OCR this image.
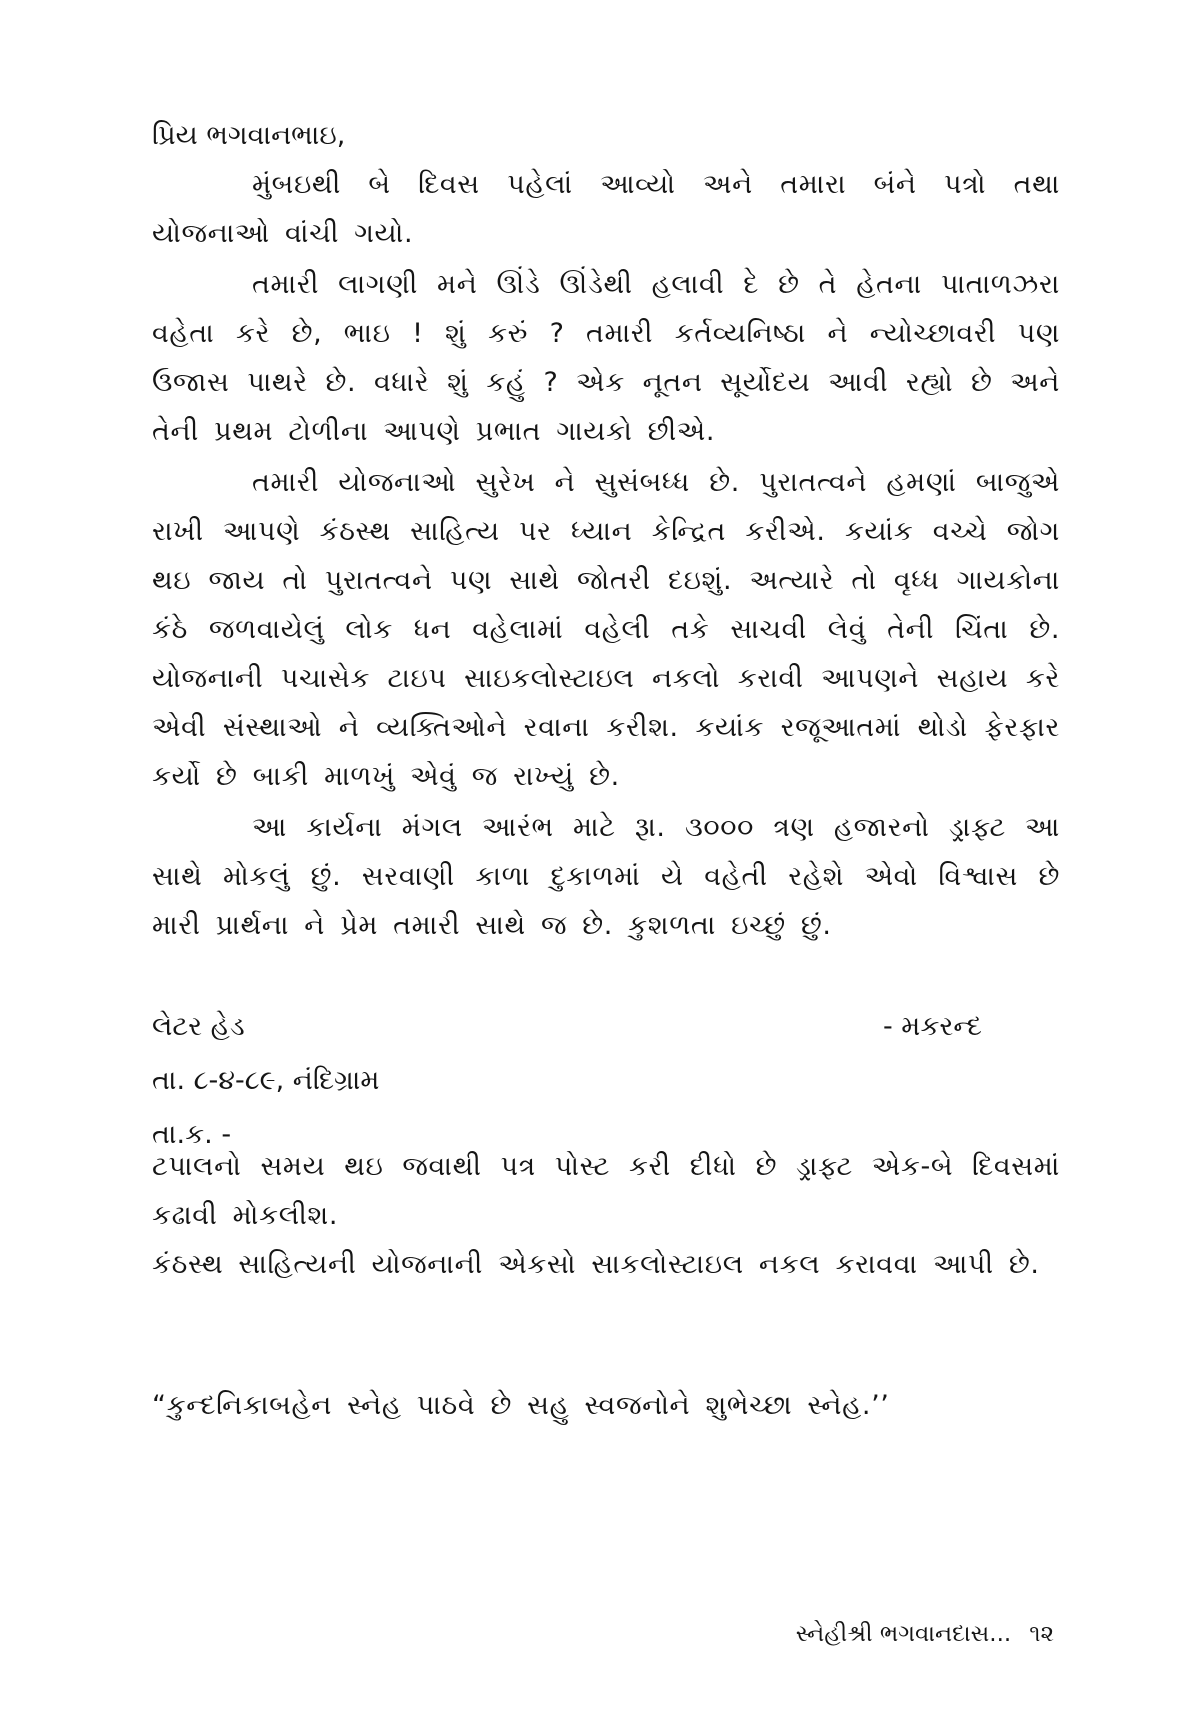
પ્રિય ભગવાનભાઇ,

મુંબઇથી બે દિવસ પહેલાં આવ્યો અને તમારા બંને પત્રો તથા યોજનાઓ વાંચી ગયો.

તમારી લાગણી મને ઊંડે ઊંડેથી હલાવી દે છે તે હેતના પાતાળઝરા વહેતા કરે છે, ભાઇ ! શું કરું ? તમારી કર્તવ્યનિષ્ઠા ને ન્યોચ્છાવરી પણ ઉજાસ પાથરે છે. વધારે શું કહું ? એક નૂતન સૂર્યોદય આવી રહ્યો છે અને તેની પ્રથમ ટોળીના આપણે પ્રભાત ગાયકો છીએ.

તમારી યોજનાઓ સુરેખ ને સુસંબધ્ધ છે. પુરાતત્વને હમણાં બાજુએ રાખી આપણે કંઠસ્થ સાહિત્ય પર ધ્યાન કેન્દ્રિત કરીએ. કયાંક વચ્ચે જોગ થઇ જાય તો પુરાતત્વને પણ સાથે જોતરી દઇશું. અત્યારે તો વૃધ્ધ ગાયકોના કંઠે જળવાયેલું લોક ધન વહેલામાં વહેલી તકે સાચવી લેવું તેની ચિંતા છે. યોજનાની પચાસેક ટાઇપ સાઇકલોસ્ટાઇલ નકલો કરાવી આપણને સહાય કરે એવી સંસ્થાઓ ને વ્યક્તિઓને રવાના કરીશ. કયાંક રજૂઆતમાં થોડો ફેરફાર કર્યો છે બાકી માળખું એવું જ રાખ્યું છે.

આ કાર્યના મંગલ આરંભ માટે રૂા. ૩૦૦૦ ત્રણ હજારનો ડ્રાફ્ટ આ સાથે મોકલું છું. સરવાણી કાળા દુકાળમાં યે વહેતી રહેશે એવો વિશ્વાસ છે મારી પ્રાર્થના ને પ્રેમ તમારી સાથે જ છે. કુશળતા ઇચ્છું છું.

લેટર હેડ	- મકરન્દ

તા. ૮-૪-૮૯, નંદિગ્રામ

તા.ક. -

ટપાલનો સમય થઇ જવાથી પત્ર પોસ્ટ કરી દીધો છે ડ્રાફ્ટ એક-બે દિવસમાં કઢાવી મોકલીશ.

કંઠસ્થ સાહિત્યની યોજનાની એકસો સાકલોસ્ટાઇલ નકલ કરાવવા આપી છે.

“કુન્દનિકાબહેન સ્નેહ પાઠવે છે સહુ સ્વજનોને શુભેચ્છા સ્નેહ.’’

સ્નેહીશ્રી ભગવાનદાસ... ૧૨
